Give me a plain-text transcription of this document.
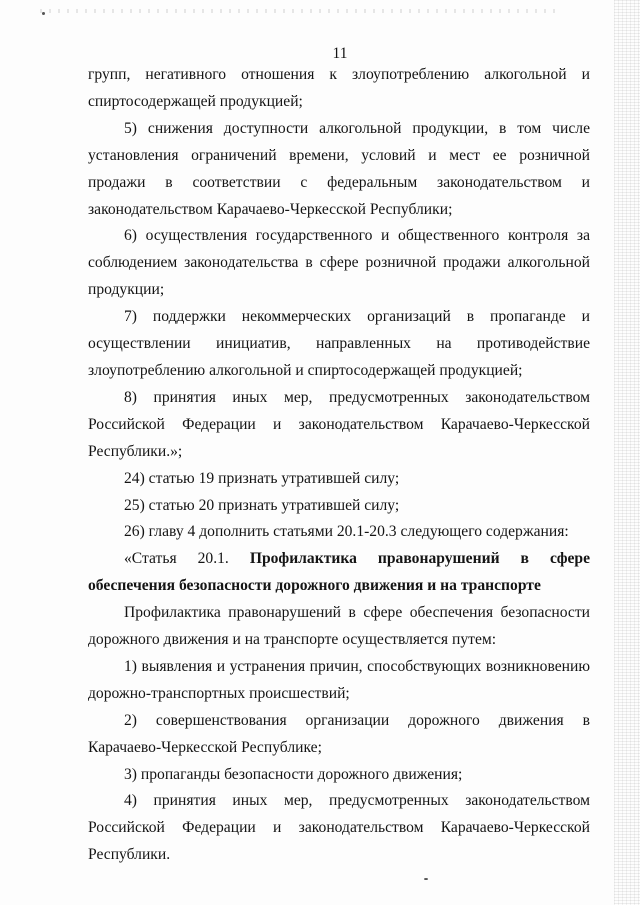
11

групп, негативного отношения к злоупотреблению алкогольной и спиртосодержащей продукцией;

5) снижения доступности алкогольной продукции, в том числе установления ограничений времени, условий и мест ее розничной продажи в соответствии с федеральным законодательством и законодательством Карачаево-Черкесской Республики;

6) осуществления государственного и общественного контроля за соблюдением законодательства в сфере розничной продажи алкогольной продукции;

7) поддержки некоммерческих организаций в пропаганде и осуществлении инициатив, направленных на противодействие злоупотреблению алкогольной и спиртосодержащей продукцией;

8) принятия иных мер, предусмотренных законодательством Российской Федерации и законодательством Карачаево-Черкесской Республики.»;

24) статью 19 признать утратившей силу;

25) статью 20 признать утратившей силу;

26) главу 4 дополнить статьями 20.1-20.3 следующего содержания:

«Статья 20.1. Профилактика правонарушений в сфере обеспечения безопасности дорожного движения и на транспорте

Профилактика правонарушений в сфере обеспечения безопасности дорожного движения и на транспорте осуществляется путем:

1) выявления и устранения причин, способствующих возникновению дорожно-транспортных происшествий;

2) совершенствования организации дорожного движения в Карачаево-Черкесской Республике;

3) пропаганды безопасности дорожного движения;

4) принятия иных мер, предусмотренных законодательством Российской Федерации и законодательством Карачаево-Черкесской Республики.
